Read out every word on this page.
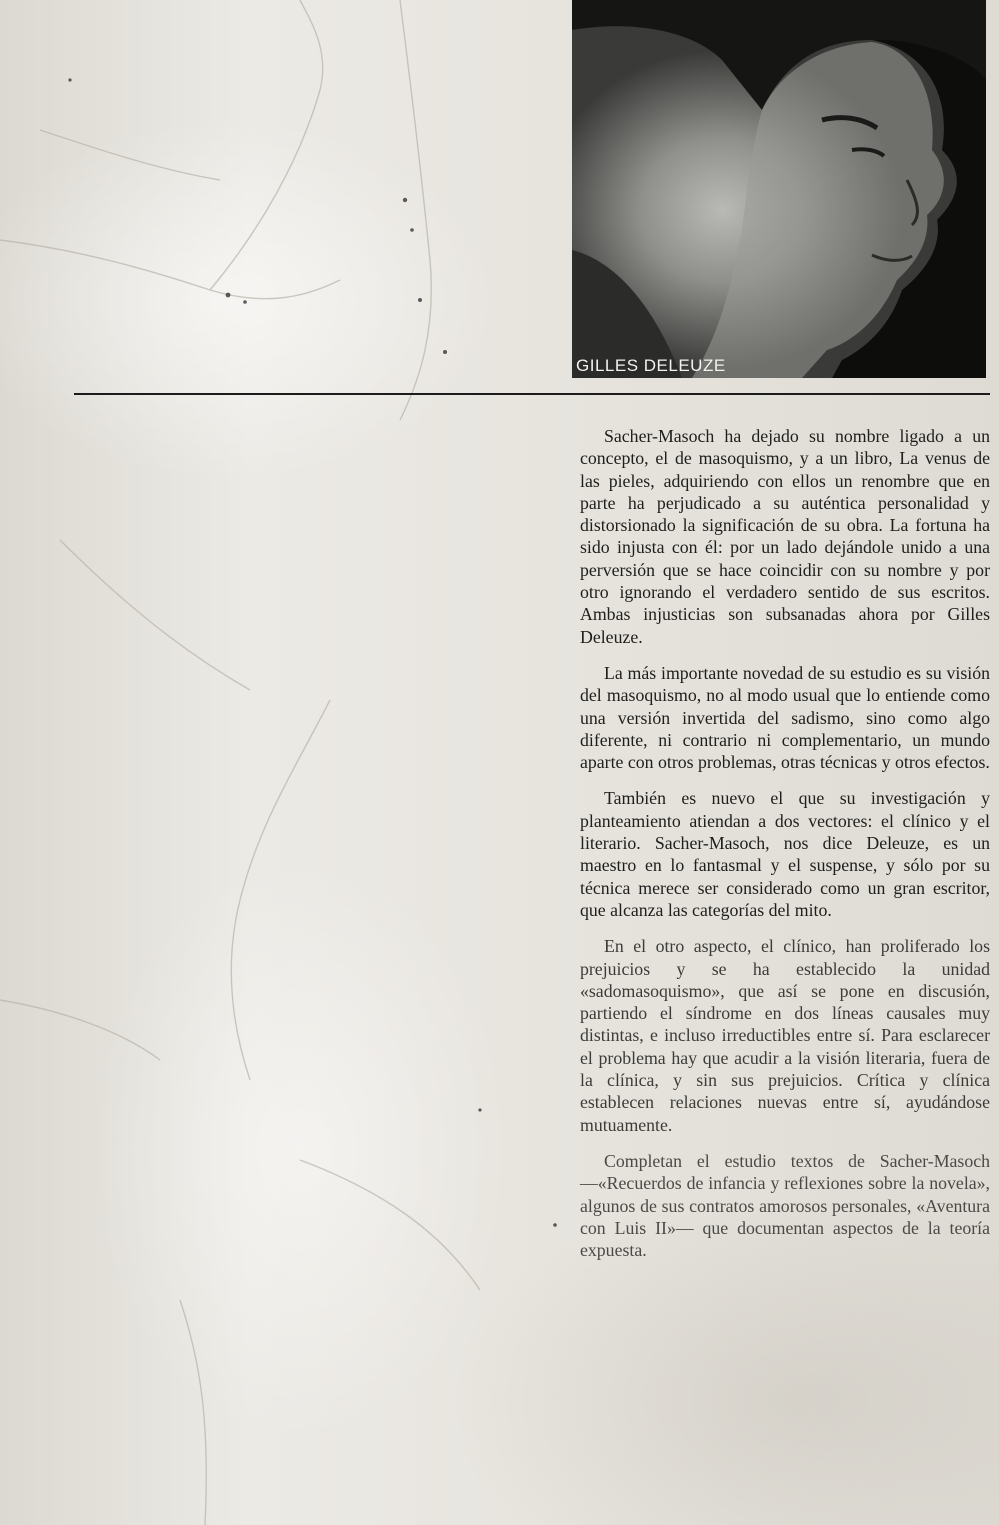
GILLES DELEUZE

Sacher-Masoch ha dejado su nombre ligado a un concepto, el de masoquismo, y a un libro, La venus de las pieles, adquiriendo con ellos un renombre que en parte ha perjudicado a su auténtica personalidad y distorsionado la significación de su obra. La fortuna ha sido injusta con él: por un lado dejándole unido a una perversión que se hace coincidir con su nombre y por otro ignorando el verdadero sentido de sus escritos. Ambas injusticias son subsanadas ahora por Gilles Deleuze.

La más importante novedad de su estudio es su visión del masoquismo, no al modo usual que lo entiende como una versión invertida del sadismo, sino como algo diferente, ni contrario ni complementario, un mundo aparte con otros problemas, otras técnicas y otros efectos.

También es nuevo el que su investigación y planteamiento atiendan a dos vectores: el clínico y el literario. Sacher-Masoch, nos dice Deleuze, es un maestro en lo fantasmal y el suspense, y sólo por su técnica merece ser considerado como un gran escritor, que alcanza las categorías del mito.

En el otro aspecto, el clínico, han proliferado los prejuicios y se ha establecido la unidad «sadomasoquismo», que así se pone en discusión, partiendo el síndrome en dos líneas causales muy distintas, e incluso irreductibles entre sí. Para esclarecer el problema hay que acudir a la visión literaria, fuera de la clínica, y sin sus prejuicios. Crítica y clínica establecen relaciones nuevas entre sí, ayudándose mutuamente.

Completan el estudio textos de Sacher-Masoch —«Recuerdos de infancia y reflexiones sobre la novela», algunos de sus contratos amorosos personales, «Aventura con Luis II»— que documentan aspectos de la teoría expuesta.
